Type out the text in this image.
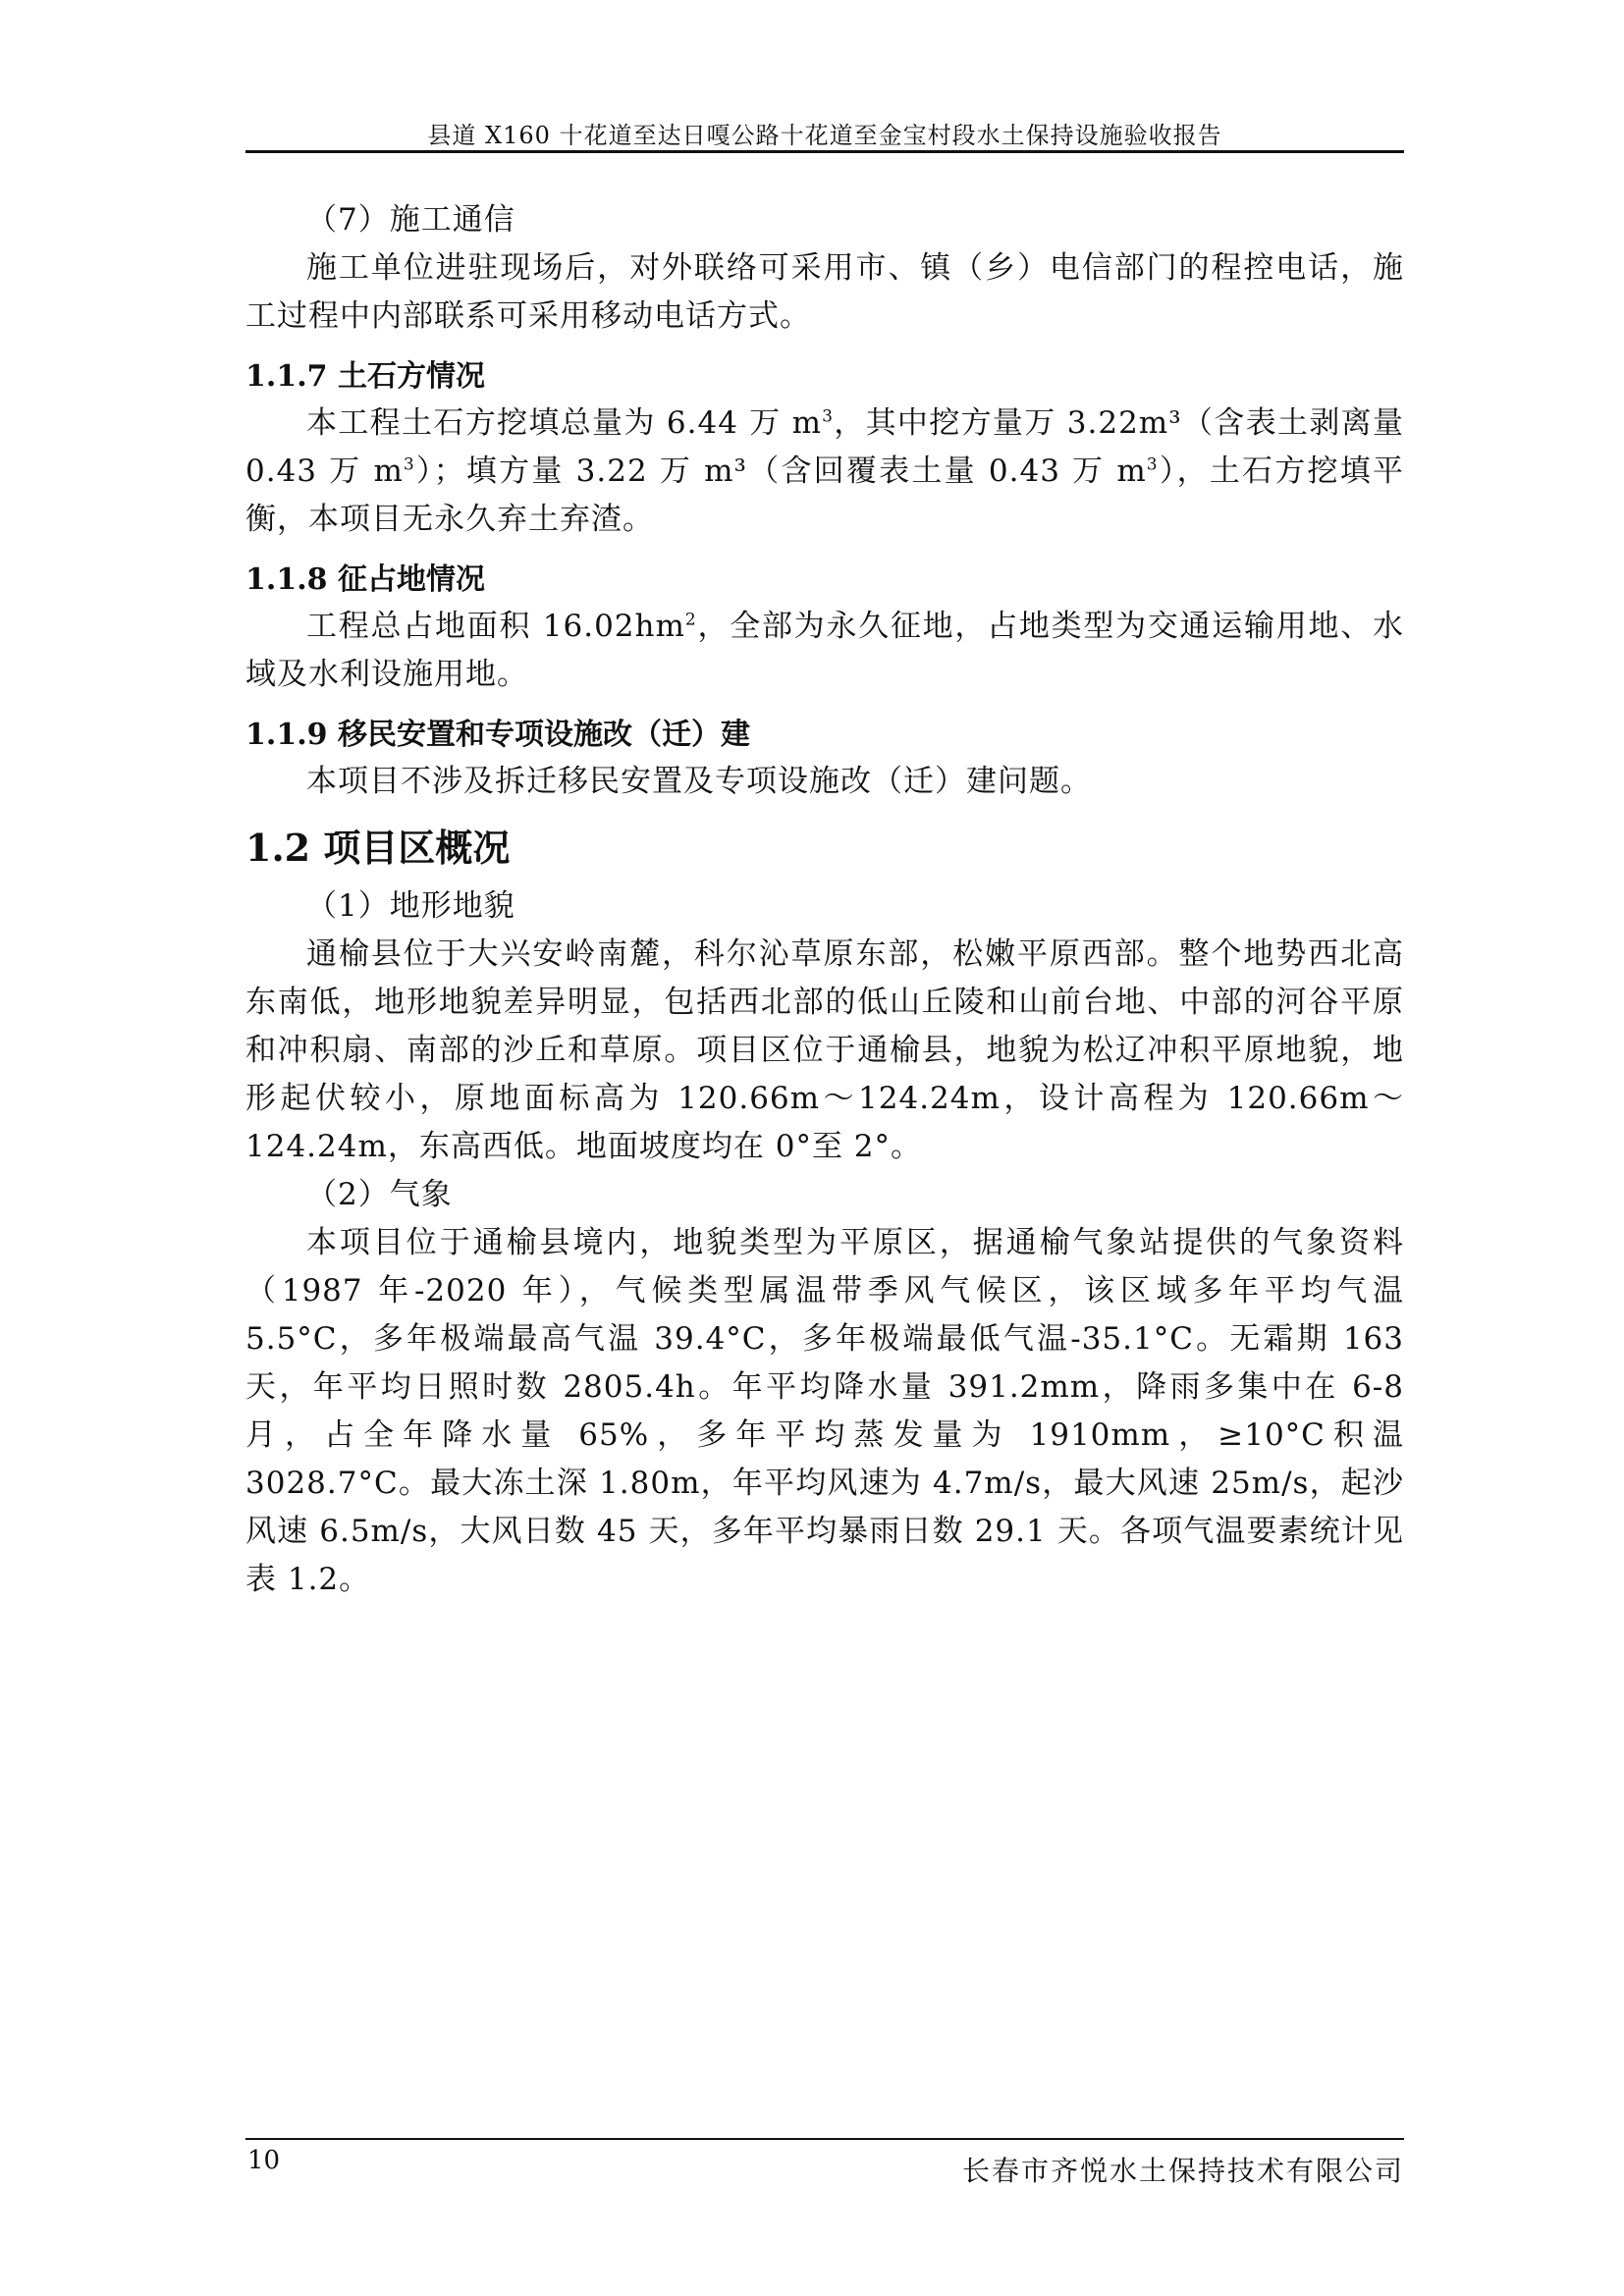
县道 X160 十花道至达日嘎公路十花道至金宝村段水土保持设施验收报告

（7）施工通信

施工单位进驻现场后，对外联络可采用市、镇（乡）电信部门的程控电话，施工过程中内部联系可采用移动电话方式。

1.1.7 土石方情况

本工程土石方挖填总量为 6.44 万 $m^3$，其中挖方量万 3.22m³（含表土剥离量 0.43 万 $m^3$）；填方量 3.22 万 m³（含回覆表土量 0.43 万 $m^3$），土石方挖填平衡，本项目无永久弃土弃渣。

1.1.8 征占地情况

工程总占地面积 $16.02hm^2$，全部为永久征地，占地类型为交通运输用地、水域及水利设施用地。

1.1.9 移民安置和专项设施改（迁）建

本项目不涉及拆迁移民安置及专项设施改（迁）建问题。

1.2 项目区概况

（1）地形地貌

通榆县位于大兴安岭南麓，科尔沁草原东部，松嫩平原西部。整个地势西北高东南低，地形地貌差异明显，包括西北部的低山丘陵和山前台地、中部的河谷平原和冲积扇、南部的沙丘和草原。项目区位于通榆县，地貌为松辽冲积平原地貌，地形起伏较小，原地面标高为 120.66m～124.24m，设计高程为 120.66m～124.24m，东高西低。地面坡度均在 0°至 2°。

（2）气象

本项目位于通榆县境内，地貌类型为平原区，据通榆气象站提供的气象资料（1987 年-2020 年），气候类型属温带季风气候区，该区域多年平均气温 5.5°C，多年极端最高气温 39.4°C，多年极端最低气温-35.1°C。无霜期 163 天，年平均日照时数 2805.4h。年平均降水量 391.2mm，降雨多集中在 6-8 月，占全年降水量 65%，多年平均蒸发量为 1910mm，≥10°C积温 3028.7°C。最大冻土深 1.80m，年平均风速为 4.7m/s，最大风速 25m/s，起沙风速 6.5m/s，大风日数 45 天，多年平均暴雨日数 29.1 天。各项气温要素统计见表 1.2。

10	长春市齐悦水土保持技术有限公司
